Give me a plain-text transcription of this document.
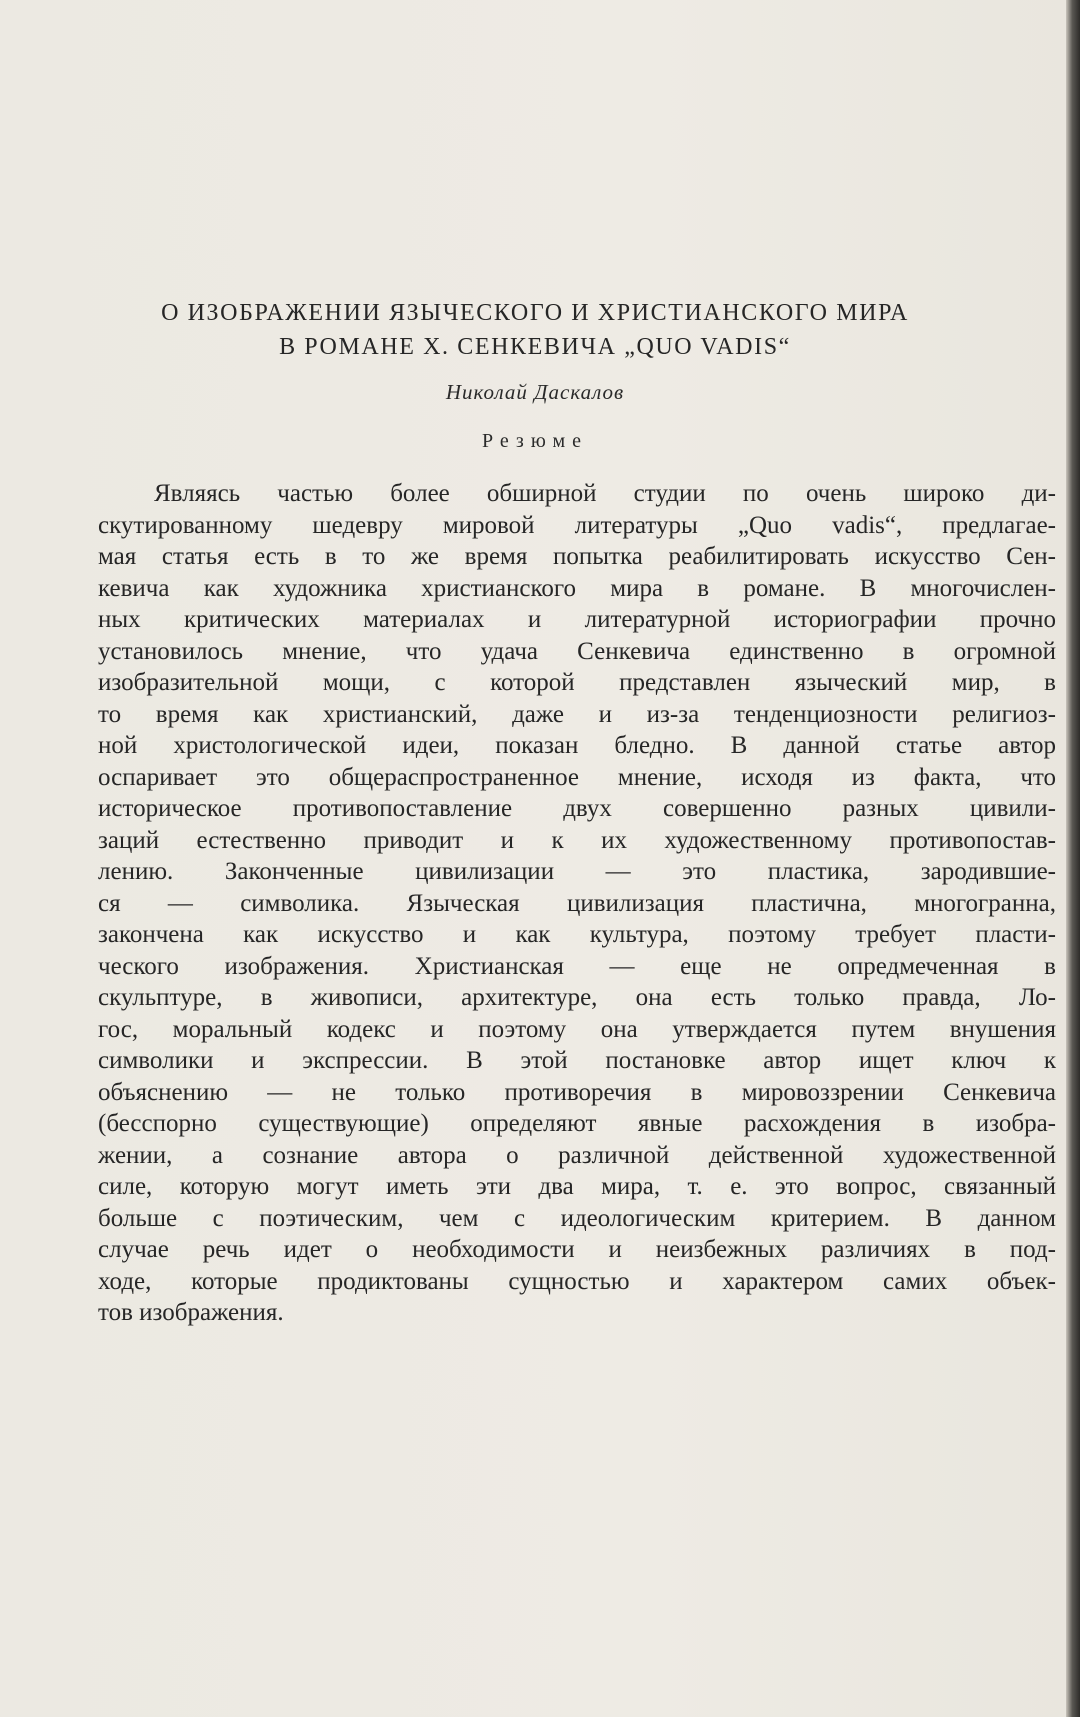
О ИЗОБРАЖЕНИИ ЯЗЫЧЕСКОГО И ХРИСТИАНСКОГО МИРА
В РОМАНЕ Х. СЕНКЕВИЧА „QUO VADIS“
Николай Даскалов
Резюме
Являясь частью более обширной студии по очень широко ди-
скутированному шедевру мировой литературы „Quo vadis“, предлагае-
мая статья есть в то же время попытка реабилитировать искусство Сен-
кевича как художника христианского мира в романе. В многочислен-
ных критических материалах и литературной историографии прочно
установилось мнение, что удача Сенкевича единственно в огромной
изобразительной мощи, с которой представлен языческий мир, в
то время как христианский, даже и из-за тенденциозности религиоз-
ной христологической идеи, показан бледно. В данной статье автор
оспаривает это общераспространенное мнение, исходя из факта, что
историческое противопоставление двух совершенно разных цивили-
заций естественно приводит и к их художественному противопостав-
лению. Законченные цивилизации — это пластика, зародившие-
ся — символика. Языческая цивилизация пластична, многогранна,
закончена как искусство и как культура, поэтому требует пласти-
ческого изображения. Христианская — еще не опредмеченная в
скульптуре, в живописи, архитектуре, она есть только правда, Ло-
гос, моральный кодекс и поэтому она утверждается путем внушения
символики и экспрессии. В этой постановке автор ищет ключ к
объяснению — не только противоречия в мировоззрении Сенкевича
(бесспорно существующие) определяют явные расхождения в изобра-
жении, а сознание автора о различной действенной художественной
силе, которую могут иметь эти два мира, т. е. это вопрос, связанный
больше с поэтическим, чем с идеологическим критерием. В данном
случае речь идет о необходимости и неизбежных различиях в под-
ходе, которые продиктованы сущностью и характером самих объек-
тов изображения.
